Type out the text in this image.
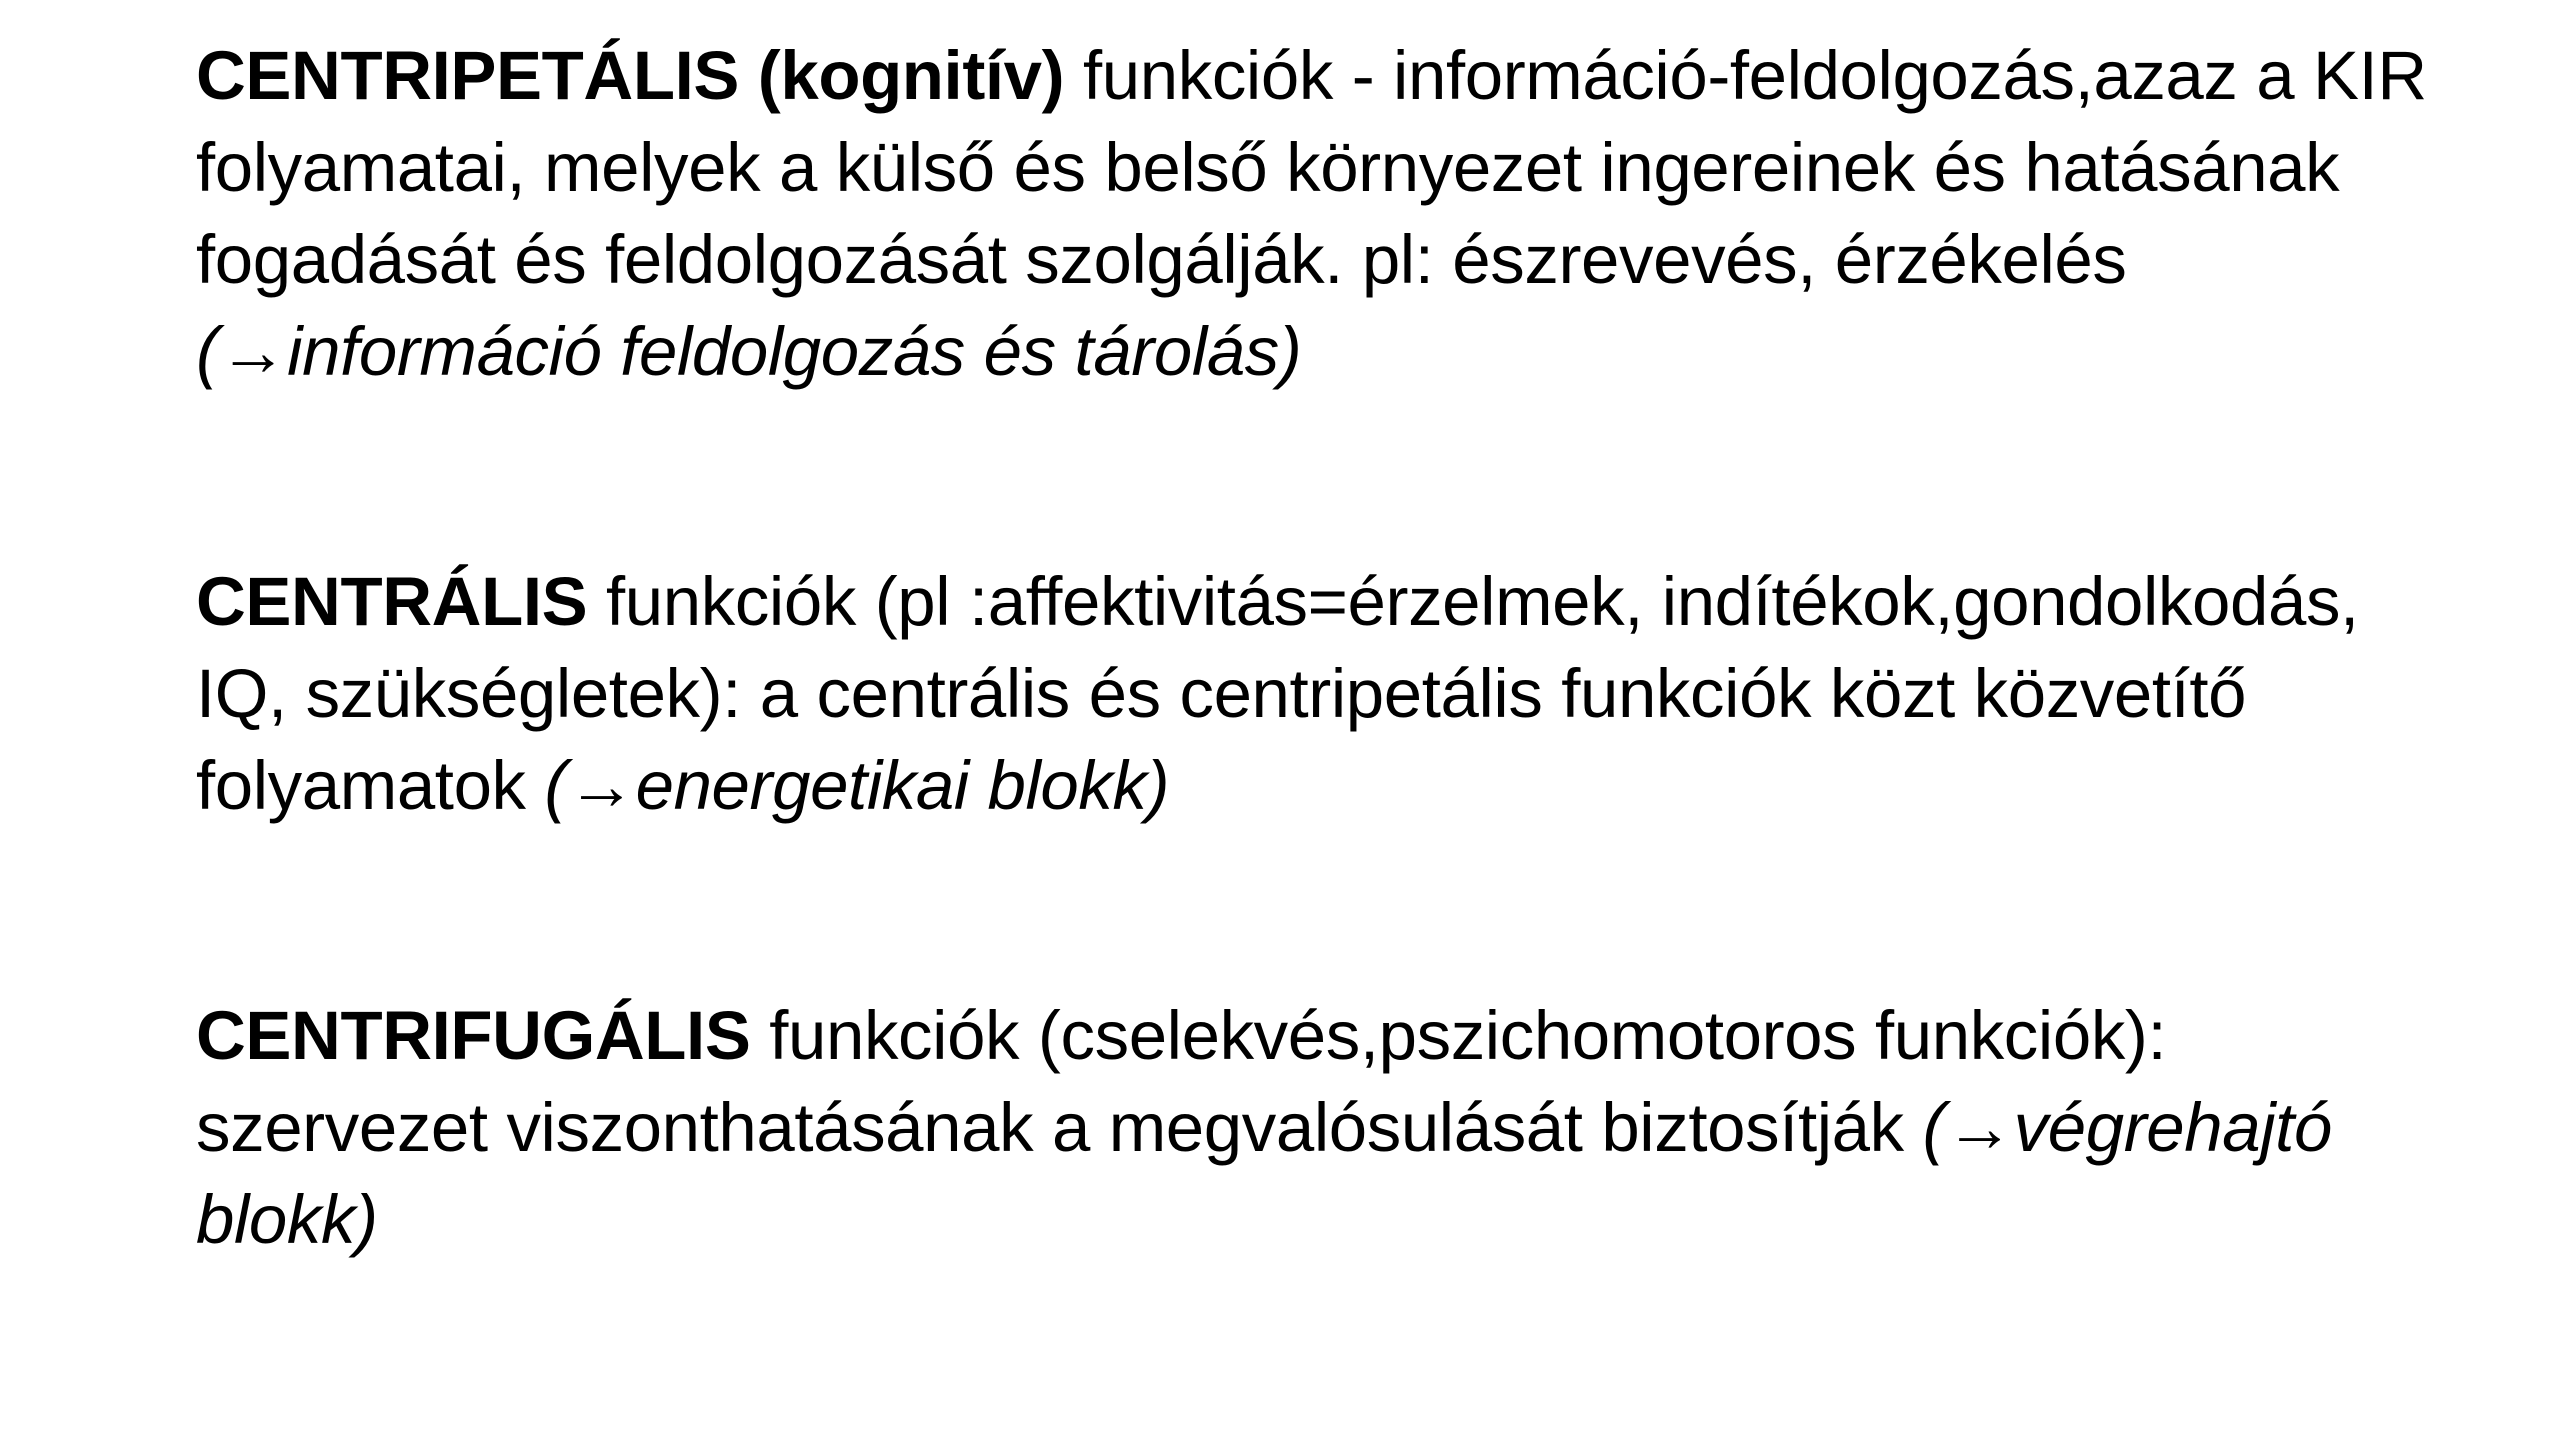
CENTRIPETÁLIS (kognitív) funkciók - információ-feldolgozás,azaz a KIR folyamatai, melyek a külső és belső környezet ingereinek és hatásának fogadását és feldolgozását szolgálják. pl: észrevevés, érzékelés (→információ feldolgozás és tárolás)

CENTRÁLIS funkciók (pl :affektivitás=érzelmek, indítékok,gondolkodás, IQ, szükségletek): a centrális és centripetális funkciók közt közvetítő folyamatok (→energetikai blokk)

CENTRIFUGÁLIS funkciók (cselekvés,pszichomotoros funkciók): szervezet viszonthatásának a megvalósulását biztosítják (→végrehajtó blokk)
